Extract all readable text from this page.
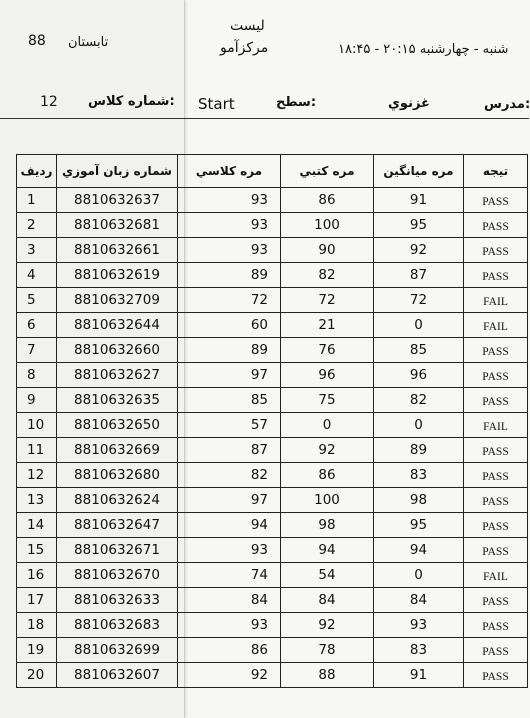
لیست
مرکزآمو	شنبه - چهارشنبه ۲۰:۱۵ - ۱۸:۴۵
88 تابستان
12 شماره کلاس: Start	سطح:	غزنوي	مدرس:
ردیف	شماره زبان آموزي	مره كلاسي	مره كتبي	مره ميانگين	تيجه
1	8810632637	93	86	91	PASS
2	8810632681	93	100	95	PASS
3	8810632661	93	90	92	PASS
4	8810632619	89	82	87	PASS
5	8810632709	72	72	72	FAIL
6	8810632644	60	21	0	FAIL
7	8810632660	89	76	85	PASS
8	8810632627	97	96	96	PASS
9	8810632635	85	75	82	PASS
10	8810632650	57	0	0	FAIL
11	8810632669	87	92	89	PASS
12	8810632680	82	86	83	PASS
13	8810632624	97	100	98	PASS
14	8810632647	94	98	95	PASS
15	8810632671	93	94	94	PASS
16	8810632670	74	54	0	FAIL
17	8810632633	84	84	84	PASS
18	8810632683	93	92	93	PASS
19	8810632699	86	78	83	PASS
20	8810632607	92	88	91	PASS
